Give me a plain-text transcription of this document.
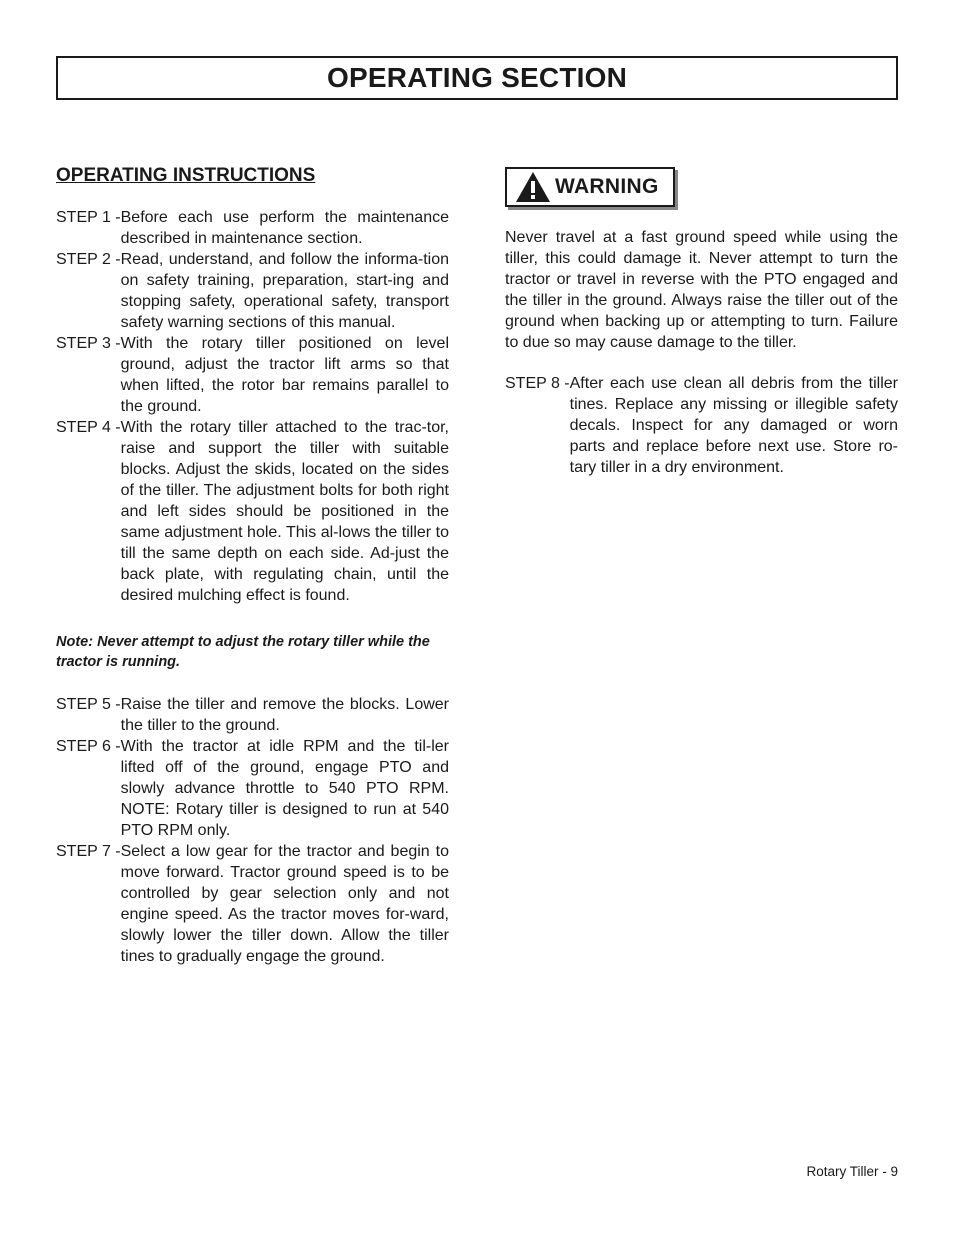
OPERATING SECTION
OPERATING INSTRUCTIONS
STEP 1 - Before each use perform the maintenance described in maintenance section.
STEP 2 - Read, understand, and follow the informa-tion on safety training, preparation, start-ing and stopping safety, operational safety, transport safety warning sections of this manual.
STEP 3 - With the rotary tiller positioned on level ground, adjust the tractor lift arms so that when lifted, the rotor bar remains parallel to the ground.
STEP 4 - With the rotary tiller attached to the trac-tor, raise and support the tiller with suitable blocks. Adjust the skids, located on the sides of the tiller. The adjustment bolts for both right and left sides should be positioned in the same adjustment hole. This al-lows the tiller to till the same depth on each side. Ad-just the back plate, with regulating chain, until the desired mulching effect is found.
Note: Never attempt to adjust the rotary tiller while the tractor is running.
STEP 5 - Raise the tiller and remove the blocks. Lower the tiller to the ground.
STEP 6 - With the tractor at idle RPM and the til-ler lifted off of the ground, engage PTO and slowly advance throttle to 540 PTO RPM. NOTE: Rotary tiller is designed to run at 540 PTO RPM only.
STEP 7 - Select a low gear for the tractor and begin to move forward. Tractor ground speed is to be controlled by gear selection only and not engine speed. As the tractor moves for-ward, slowly lower the tiller down. Allow the tiller tines to gradually engage the ground.
WARNING

Never travel at a fast ground speed while using the tiller, this could damage it. Never attempt to turn the tractor or travel in reverse with the PTO engaged and the tiller in the ground. Always raise the tiller out of the ground when backing up or attempting to turn. Failure to due so may cause damage to the tiller.

STEP 8 - After each use clean all debris from the tiller tines. Replace any missing or illegible safety decals. Inspect for any damaged or worn parts and replace before next use. Store ro-tary tiller in a dry environment.
Rotary Tiller - 9
